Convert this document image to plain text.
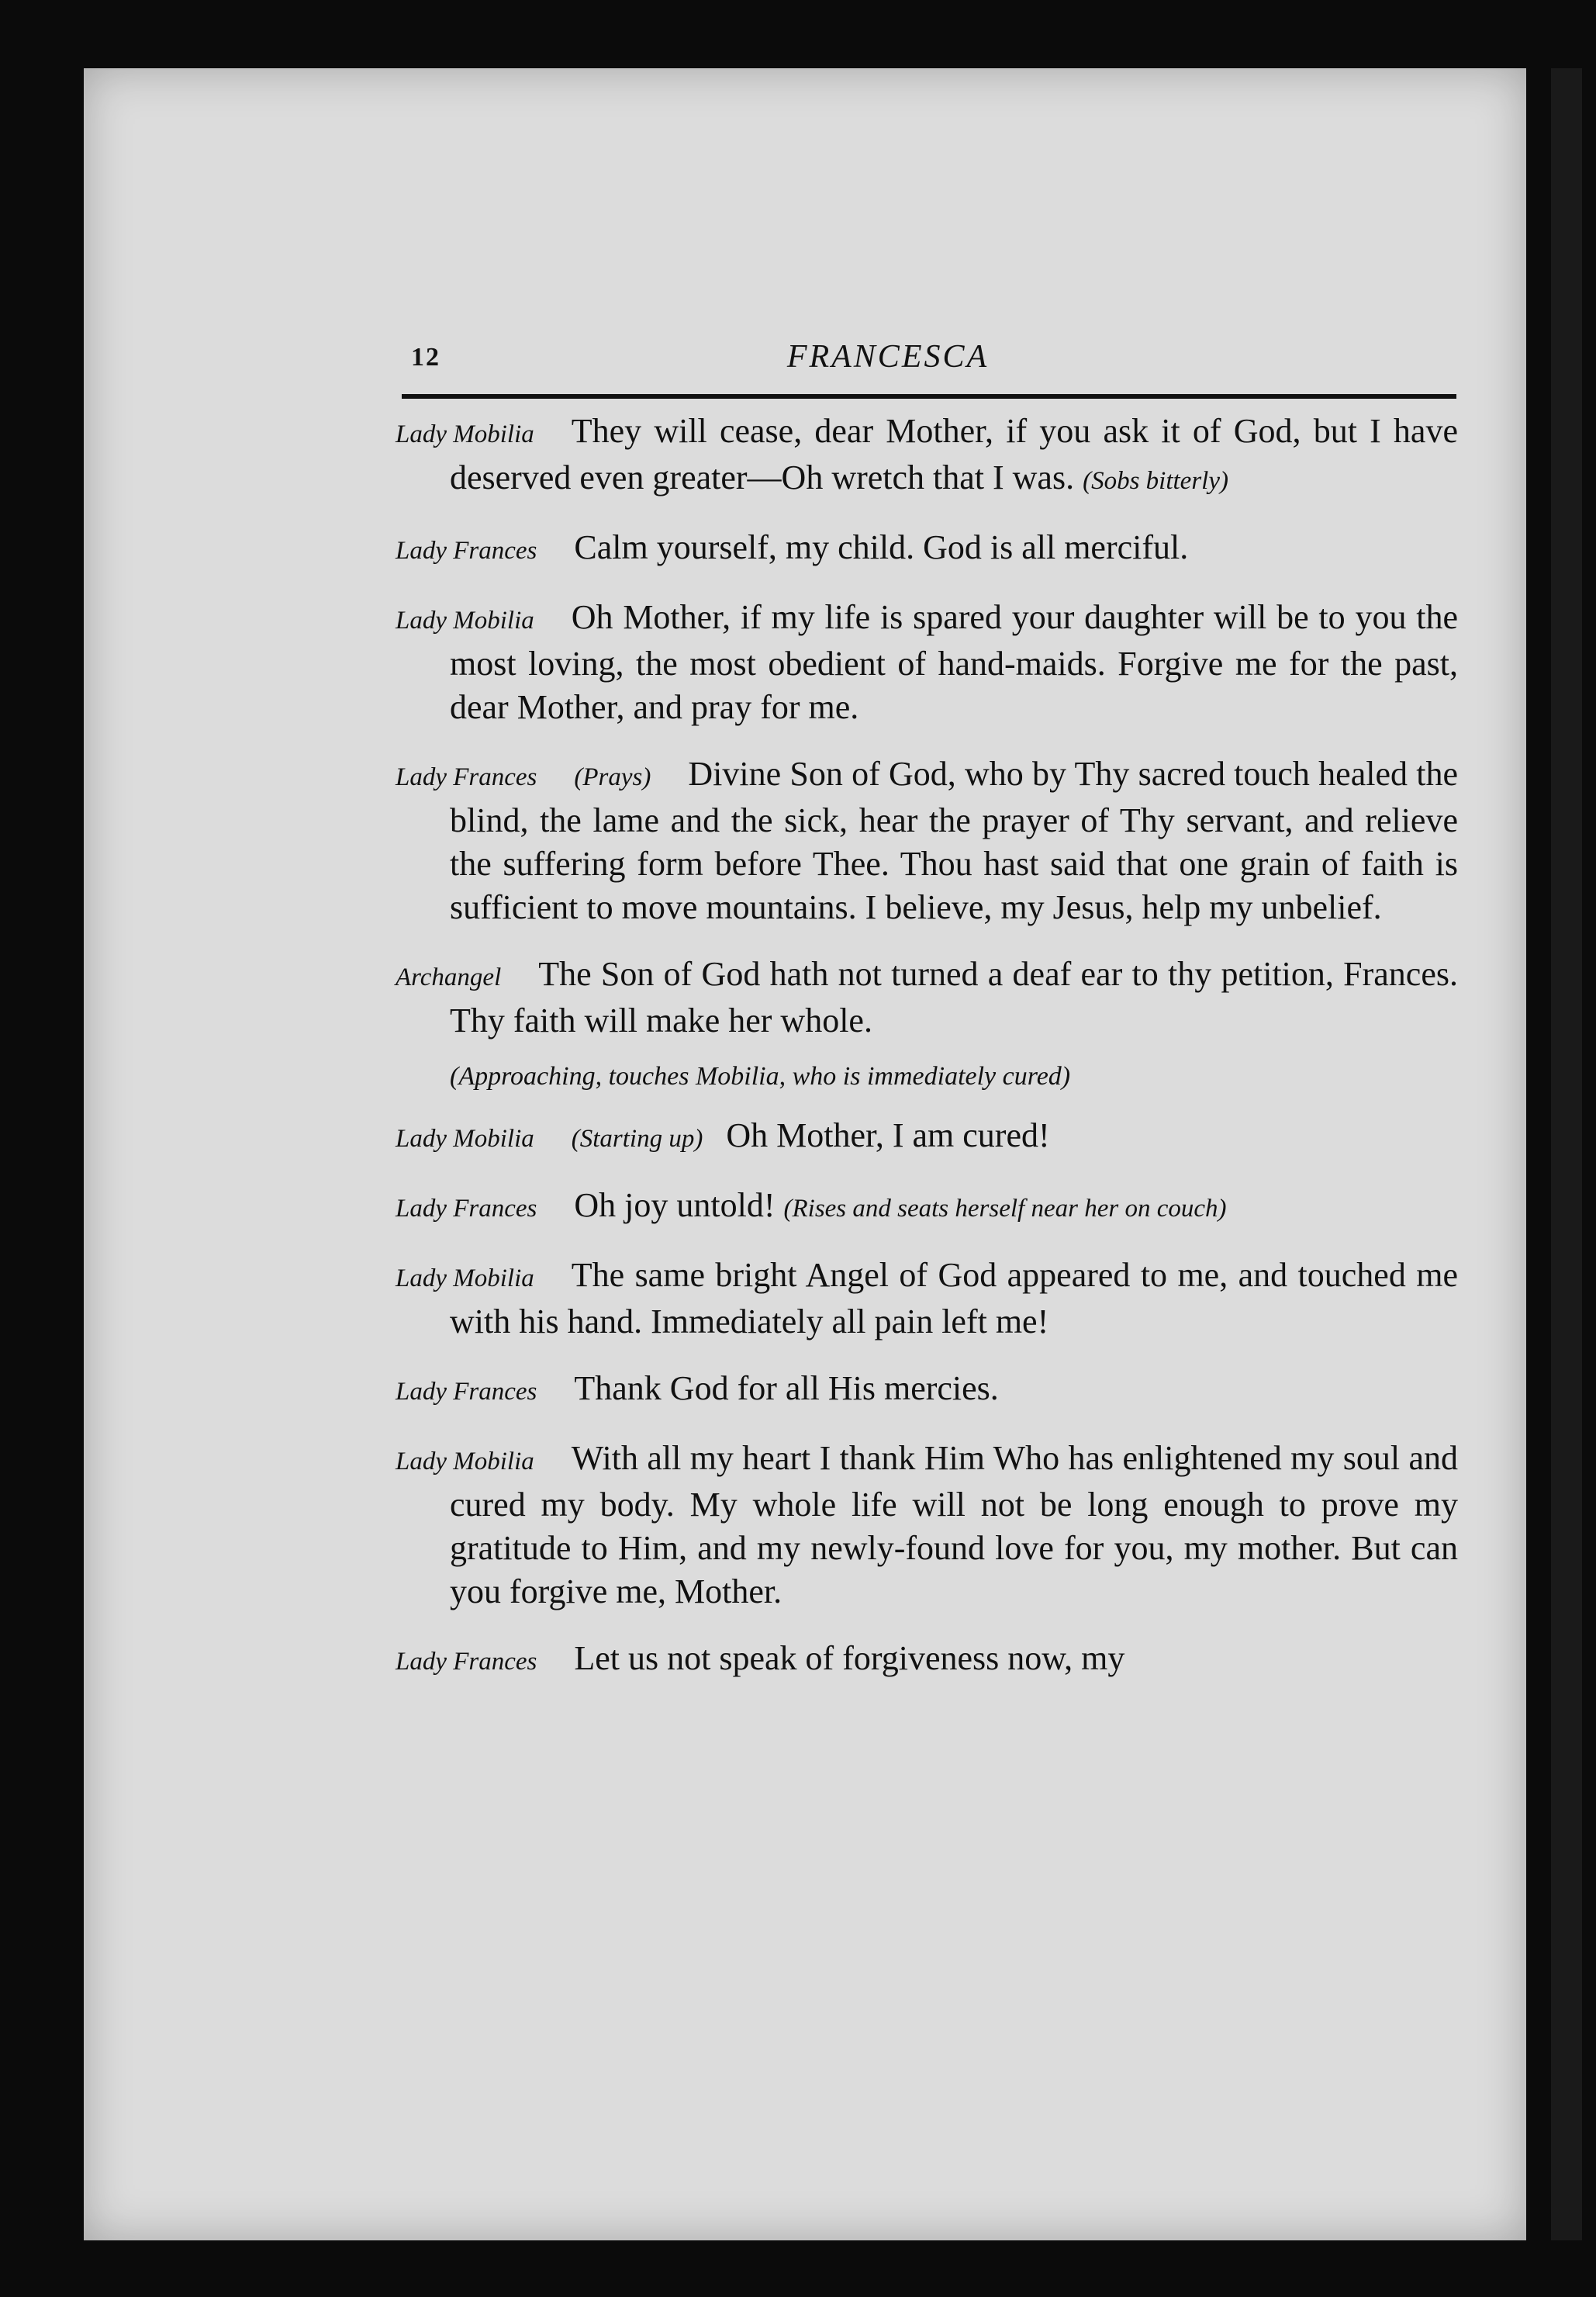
12	FRANCESCA

Lady Mobilia They will cease, dear Mother, if you ask it of God, but I have deserved even greater—Oh wretch that I was. (Sobs bitterly)

Lady Frances Calm yourself, my child. God is all merciful.

Lady Mobilia Oh Mother, if my life is spared your daughter will be to you the most loving, the most obedient of hand-maids. Forgive me for the past, dear Mother, and pray for me.

Lady Frances (Prays) Divine Son of God, who by Thy sacred touch healed the blind, the lame and the sick, hear the prayer of Thy servant, and relieve the suffering form before Thee. Thou hast said that one grain of faith is sufficient to move mountains. I believe, my Jesus, help my unbelief.

Archangel The Son of God hath not turned a deaf ear to thy petition, Frances. Thy faith will make her whole.

(Approaching, touches Mobilia, who is immediately cured)

Lady Mobilia (Starting up) Oh Mother, I am cured!

Lady Frances Oh joy untold! (Rises and seats herself near her on couch)

Lady Mobilia The same bright Angel of God appeared to me, and touched me with his hand. Immediately all pain left me!

Lady Frances Thank God for all His mercies.

Lady Mobilia With all my heart I thank Him Who has enlightened my soul and cured my body. My whole life will not be long enough to prove my gratitude to Him, and my newly-found love for you, my mother. But can you forgive me, Mother.

Lady Frances Let us not speak of forgiveness now, my
